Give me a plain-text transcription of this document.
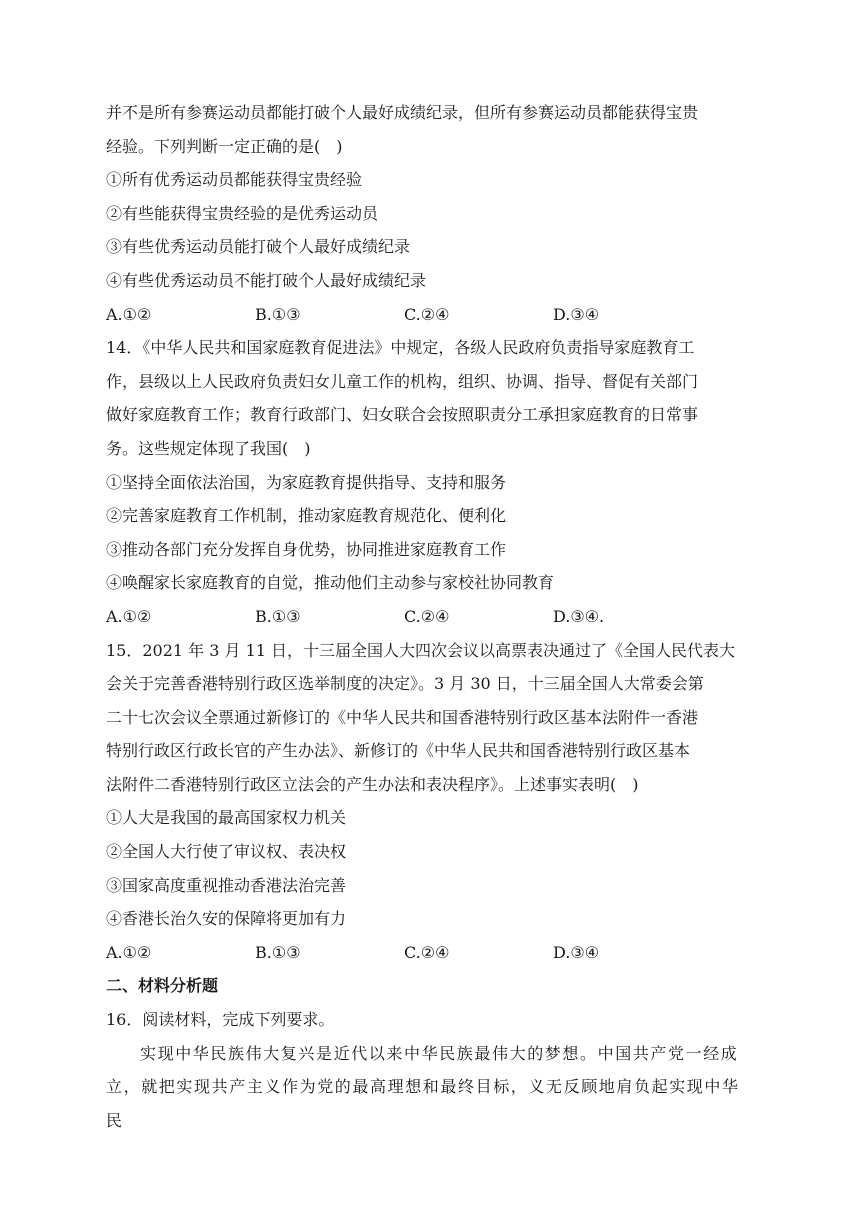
并不是所有参赛运动员都能打破个人最好成绩纪录，但所有参赛运动员都能获得宝贵
经验。下列判断一定正确的是(　)
①所有优秀运动员都能获得宝贵经验
②有些能获得宝贵经验的是优秀运动员
③有些优秀运动员能打破个人最好成绩纪录
④有些优秀运动员不能打破个人最好成绩纪录
A.①②	B.①③	C.②④	D.③④
14．《中华人民共和国家庭教育促进法》中规定，各级人民政府负责指导家庭教育工
作，县级以上人民政府负责妇女儿童工作的机构，组织、协调、指导、督促有关部门
做好家庭教育工作；教育行政部门、妇女联合会按照职责分工承担家庭教育的日常事
务。这些规定体现了我国(　)
①坚持全面依法治国，为家庭教育提供指导、支持和服务
②完善家庭教育工作机制，推动家庭教育规范化、便利化
③推动各部门充分发挥自身优势，协同推进家庭教育工作
④唤醒家长家庭教育的自觉，推动他们主动参与家校社协同教育
A.①②	B.①③	C.②④	D.③④.
15．2021 年 3 月 11 日，十三届全国人大四次会议以高票表决通过了《全国人民代表大
会关于完善香港特别行政区选举制度的决定》。3 月 30 日，十三届全国人大常委会第
二十七次会议全票通过新修订的《中华人民共和国香港特别行政区基本法附件一香港
特别行政区行政长官的产生办法》、新修订的《中华人民共和国香港特别行政区基本
法附件二香港特别行政区立法会的产生办法和表决程序》。上述事实表明(　)
①人大是我国的最高国家权力机关
②全国人大行使了审议权、表决权
③国家高度重视推动香港法治完善
④香港长治久安的保障将更加有力
A.①②	B.①③	C.②④	D.③④
二、材料分析题
16．阅读材料，完成下列要求。
实现中华民族伟大复兴是近代以来中华民族最伟大的梦想。中国共产党一经成
立，就把实现共产主义作为党的最高理想和最终目标，义无反顾地肩负起实现中华民
